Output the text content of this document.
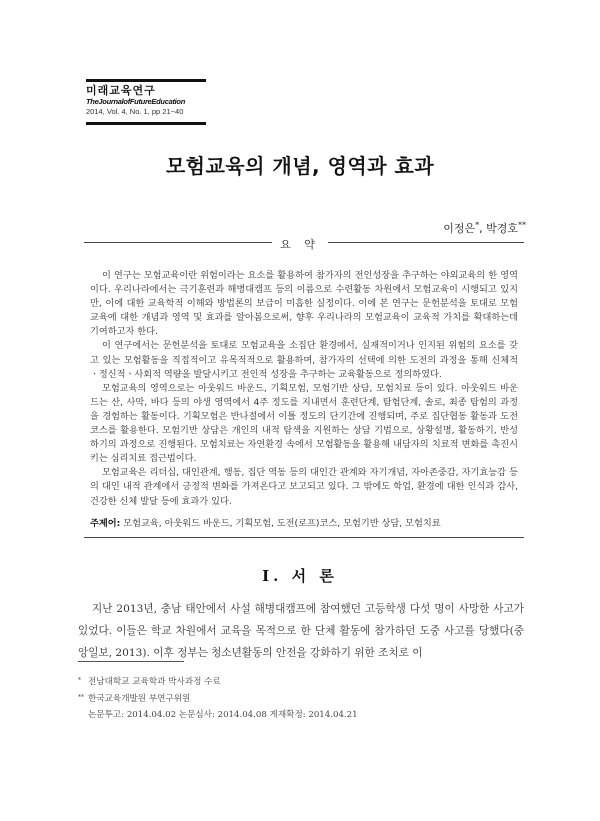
미래교육연구
TheJournalofFutureEducation
2014, Vol. 4, No. 1, pp 21~40
모험교육의 개념, 영역과 효과
이정은*, 박경호**
요 약

이 연구는 모험교육이란 위험이라는 요소를 활용하여 참가자의 전인성장을 추구하는 야외교육의 한 영역이다. 우리나라에서는 극기훈련과 해병대캠프 등의 이름으로 수련활동 차원에서 모험교육이 시행되고 있지만, 이에 대한 교육학적 이해와 방법론의 보급이 미흡한 실정이다. 이에 본 연구는 문헌분석을 토대로 모험교육에 대한 개념과 영역 및 효과를 알아봄으로써, 향후 우리나라의 모험교육이 교육적 가치를 확대하는데 기여하고자 한다.

이 연구에서는 문헌분석을 토대로 모험교육을 소집단 환경에서, 실재적이거나 인지된 위험의 요소를 갖고 있는 모험활동을 직접적이고 유목적적으로 활용하며, 참가자의 선택에 의한 도전의 과정을 통해 신체적ㆍ정신적ㆍ사회적 역량을 발달시키고 전인적 성장을 추구하는 교육활동으로 정의하였다.

모험교육의 영역으로는 아웃워드 바운드, 기획모험, 모험기반 상담, 모험치료 등이 있다. 아웃워드 바운드는 산, 사막, 바다 등의 야생 영역에서 4주 정도를 지내면서 훈련단계, 탐험단계, 솔로, 최종 탐험의 과정을 경험하는 활동이다. 기획모험은 반나절에서 이틀 정도의 단기간에 진행되며, 주로 집단협동 활동과 도전코스를 활용한다. 모험기반 상담은 개인의 내적 탐색을 지원하는 상담 기법으로, 상황설명, 활동하기, 반성하기의 과정으로 진행된다. 모험치료는 자연환경 속에서 모험활동을 활용해 내담자의 치료적 변화를 촉진시키는 심리치료 접근법이다.

모험교육은 리더십, 대인관계, 행동, 집단 역동 등의 대인간 관계와 자기개념, 자아존중감, 자기효능감 등의 대인 내적 관계에서 긍정적 변화를 가져온다고 보고되고 있다. 그 밖에도 학업, 환경에 대한 인식과 감사, 건강한 신체 발달 등에 효과가 있다.

주제어: 모험교육, 아웃워드 바운드, 기획모험, 도전(로프)코스, 모험기반 상담, 모험치료
Ⅰ. 서 론

지난 2013년, 충남 태안에서 사설 해병대캠프에 참여했던 고등학생 다섯 명이 사망한 사고가 있었다. 이들은 학교 차원에서 교육을 목적으로 한 단체 활동에 참가하던 도중 사고를 당했다(중앙일보, 2013). 이후 정부는 청소년활동의 안전을 강화하기 위한 조치로 이

* 전남대학교 교육학과 박사과정 수료
** 한국교육개발원 부연구위원
논문투고: 2014.04.02 논문심사: 2014.04.08 게재확정: 2014.04.21
